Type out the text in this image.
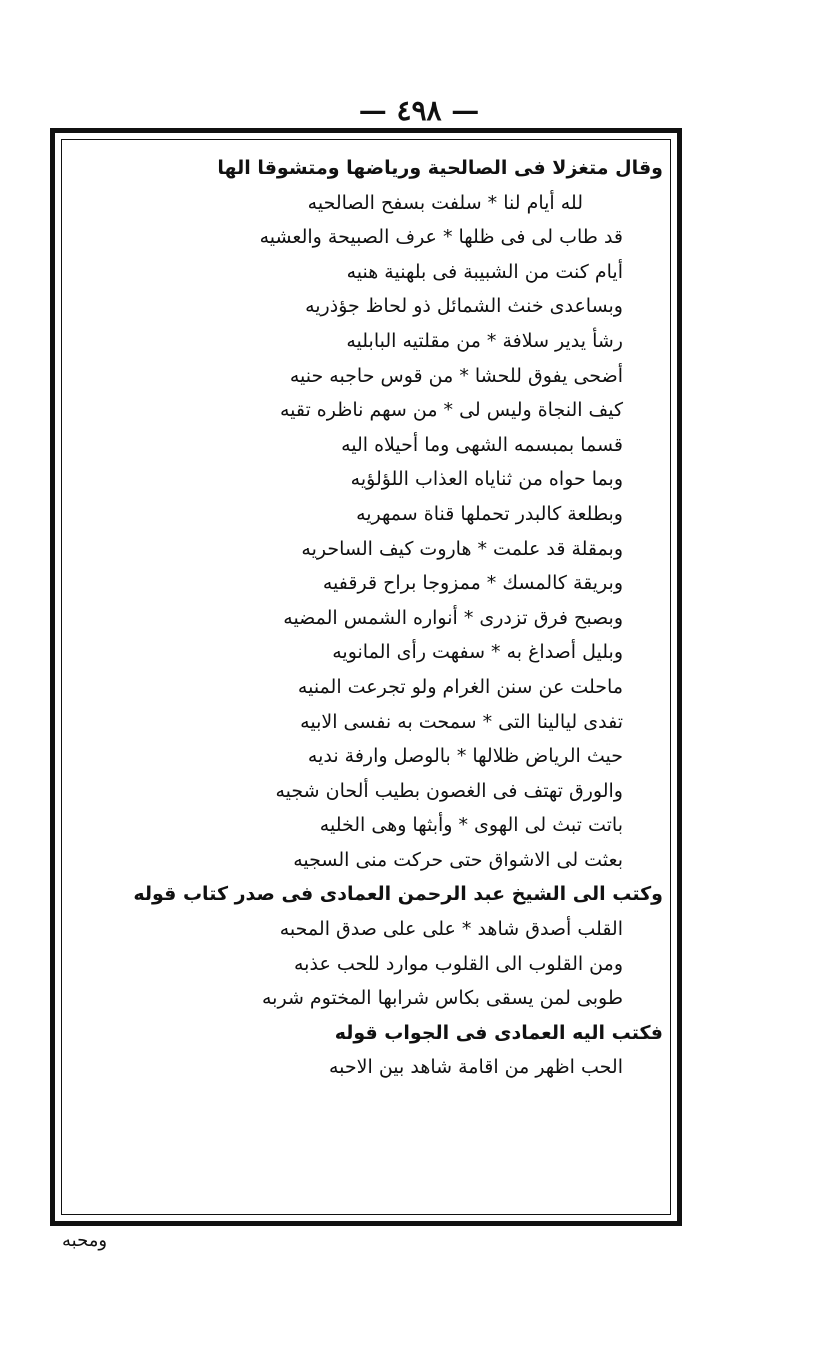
— ٤٩٨ —
وقال متغزلا فى الصالحية ورياضها ومتشوقا الها
لله أيام لنا * سلفت بسفح الصالحيه
قد طاب لى فى ظلها * عرف الصبيحة والعشيه
أيام كنت من الشبيبة فى بلهنية هنيه
وبساعدى خنث الشمائل ذو لحاظ جؤذريه
رشأ يدير سلافة * من مقلتيه البابليه
أضحى يفوق للحشا * من قوس حاجبه حنيه
كيف النجاة وليس لى * من سهم ناظره تقيه
قسما بمبسمه الشهى وما أحيلاه اليه
وبما حواه من ثناياه العذاب اللؤلؤيه
وبطلعة كالبدر تحملها قناة سمهريه
وبمقلة قد علمت * هاروت كيف الساحريه
وبريقة كالمسك * ممزوجا براح قرقفيه
وبصبح فرق تزدرى * أنواره الشمس المضيه
وبليل أصداغ به * سفهت رأى المانويه
ماحلت عن سنن الغرام ولو تجرعت المنيه
تفدى ليالينا التى * سمحت به نفسى الابيه
حيث الرياض ظلالها * بالوصل وارفة نديه
والورق تهتف فى الغصون بطيب ألحان شجيه
باتت تبث لى الهوى * وأبثها وهى الخليه
بعثت لى الاشواق حتى حركت منى السجيه
وكتب الى الشيخ عبد الرحمن العمادى فى صدر كتاب قوله
القلب أصدق شاهد * على على صدق المحبه
ومن القلوب الى القلوب موارد للحب عذبه
طوبى لمن يسقى بكاس شرابها المختوم شربه
فكتب اليه العمادى فى الجواب قوله
الحب اظهر من اقامة شاهد بين الاحبه
ومحبه
